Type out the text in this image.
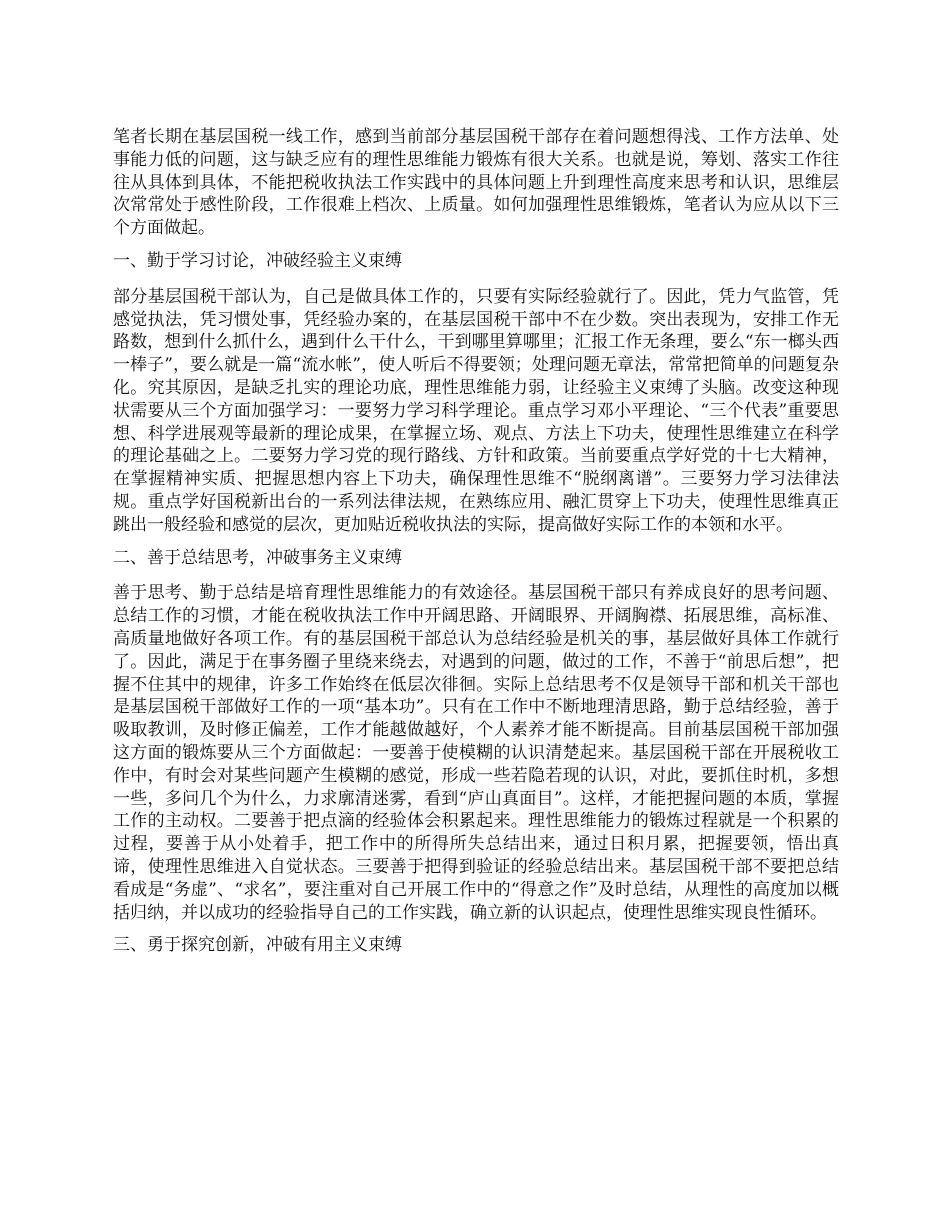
笔者长期在基层国税一线工作，感到当前部分基层国税干部存在着问题想得浅、工作方法单、处事能力低的问题，这与缺乏应有的理性思维能力锻炼有很大关系。也就是说，筹划、落实工作往往从具体到具体，不能把税收执法工作实践中的具体问题上升到理性高度来思考和认识，思维层次常常处于感性阶段，工作很难上档次、上质量。如何加强理性思维锻炼，笔者认为应从以下三个方面做起。

一、勤于学习讨论，冲破经验主义束缚

部分基层国税干部认为，自己是做具体工作的，只要有实际经验就行了。因此，凭力气监管，凭感觉执法，凭习惯处事，凭经验办案的，在基层国税干部中不在少数。突出表现为，安排工作无路数，想到什么抓什么，遇到什么干什么，干到哪里算哪里；汇报工作无条理，要么“东一榔头西一棒子”，要么就是一篇“流水帐”，使人听后不得要领；处理问题无章法，常常把简单的问题复杂化。究其原因，是缺乏扎实的理论功底，理性思维能力弱，让经验主义束缚了头脑。改变这种现状需要从三个方面加强学习：一要努力学习科学理论。重点学习邓小平理论、“三个代表”重要思想、科学进展观等最新的理论成果，在掌握立场、观点、方法上下功夫，使理性思维建立在科学的理论基础之上。二要努力学习党的现行路线、方针和政策。当前要重点学好党的十七大精神，在掌握精神实质、把握思想内容上下功夫，确保理性思维不“脱纲离谱”。三要努力学习法律法规。重点学好国税新出台的一系列法律法规，在熟练应用、融汇贯穿上下功夫，使理性思维真正跳出一般经验和感觉的层次，更加贴近税收执法的实际，提高做好实际工作的本领和水平。

二、善于总结思考，冲破事务主义束缚

善于思考、勤于总结是培育理性思维能力的有效途径。基层国税干部只有养成良好的思考问题、总结工作的习惯，才能在税收执法工作中开阔思路、开阔眼界、开阔胸襟、拓展思维，高标准、高质量地做好各项工作。有的基层国税干部总认为总结经验是机关的事，基层做好具体工作就行了。因此，满足于在事务圈子里绕来绕去，对遇到的问题，做过的工作，不善于“前思后想”，把握不住其中的规律，许多工作始终在低层次徘徊。实际上总结思考不仅是领导干部和机关干部也是基层国税干部做好工作的一项“基本功”。只有在工作中不断地理清思路，勤于总结经验，善于吸取教训，及时修正偏差，工作才能越做越好，个人素养才能不断提高。目前基层国税干部加强这方面的锻炼要从三个方面做起：一要善于使模糊的认识清楚起来。基层国税干部在开展税收工作中，有时会对某些问题产生模糊的感觉，形成一些若隐若现的认识，对此，要抓住时机，多想一些，多问几个为什么，力求廓清迷雾，看到“庐山真面目”。这样，才能把握问题的本质，掌握工作的主动权。二要善于把点滴的经验体会积累起来。理性思维能力的锻炼过程就是一个积累的过程，要善于从小处着手，把工作中的所得所失总结出来，通过日积月累，把握要领，悟出真谛，使理性思维进入自觉状态。三要善于把得到验证的经验总结出来。基层国税干部不要把总结看成是“务虚”、“求名”，要注重对自己开展工作中的“得意之作”及时总结，从理性的高度加以概括归纳，并以成功的经验指导自己的工作实践，确立新的认识起点，使理性思维实现良性循环。

三、勇于探究创新，冲破有用主义束缚
